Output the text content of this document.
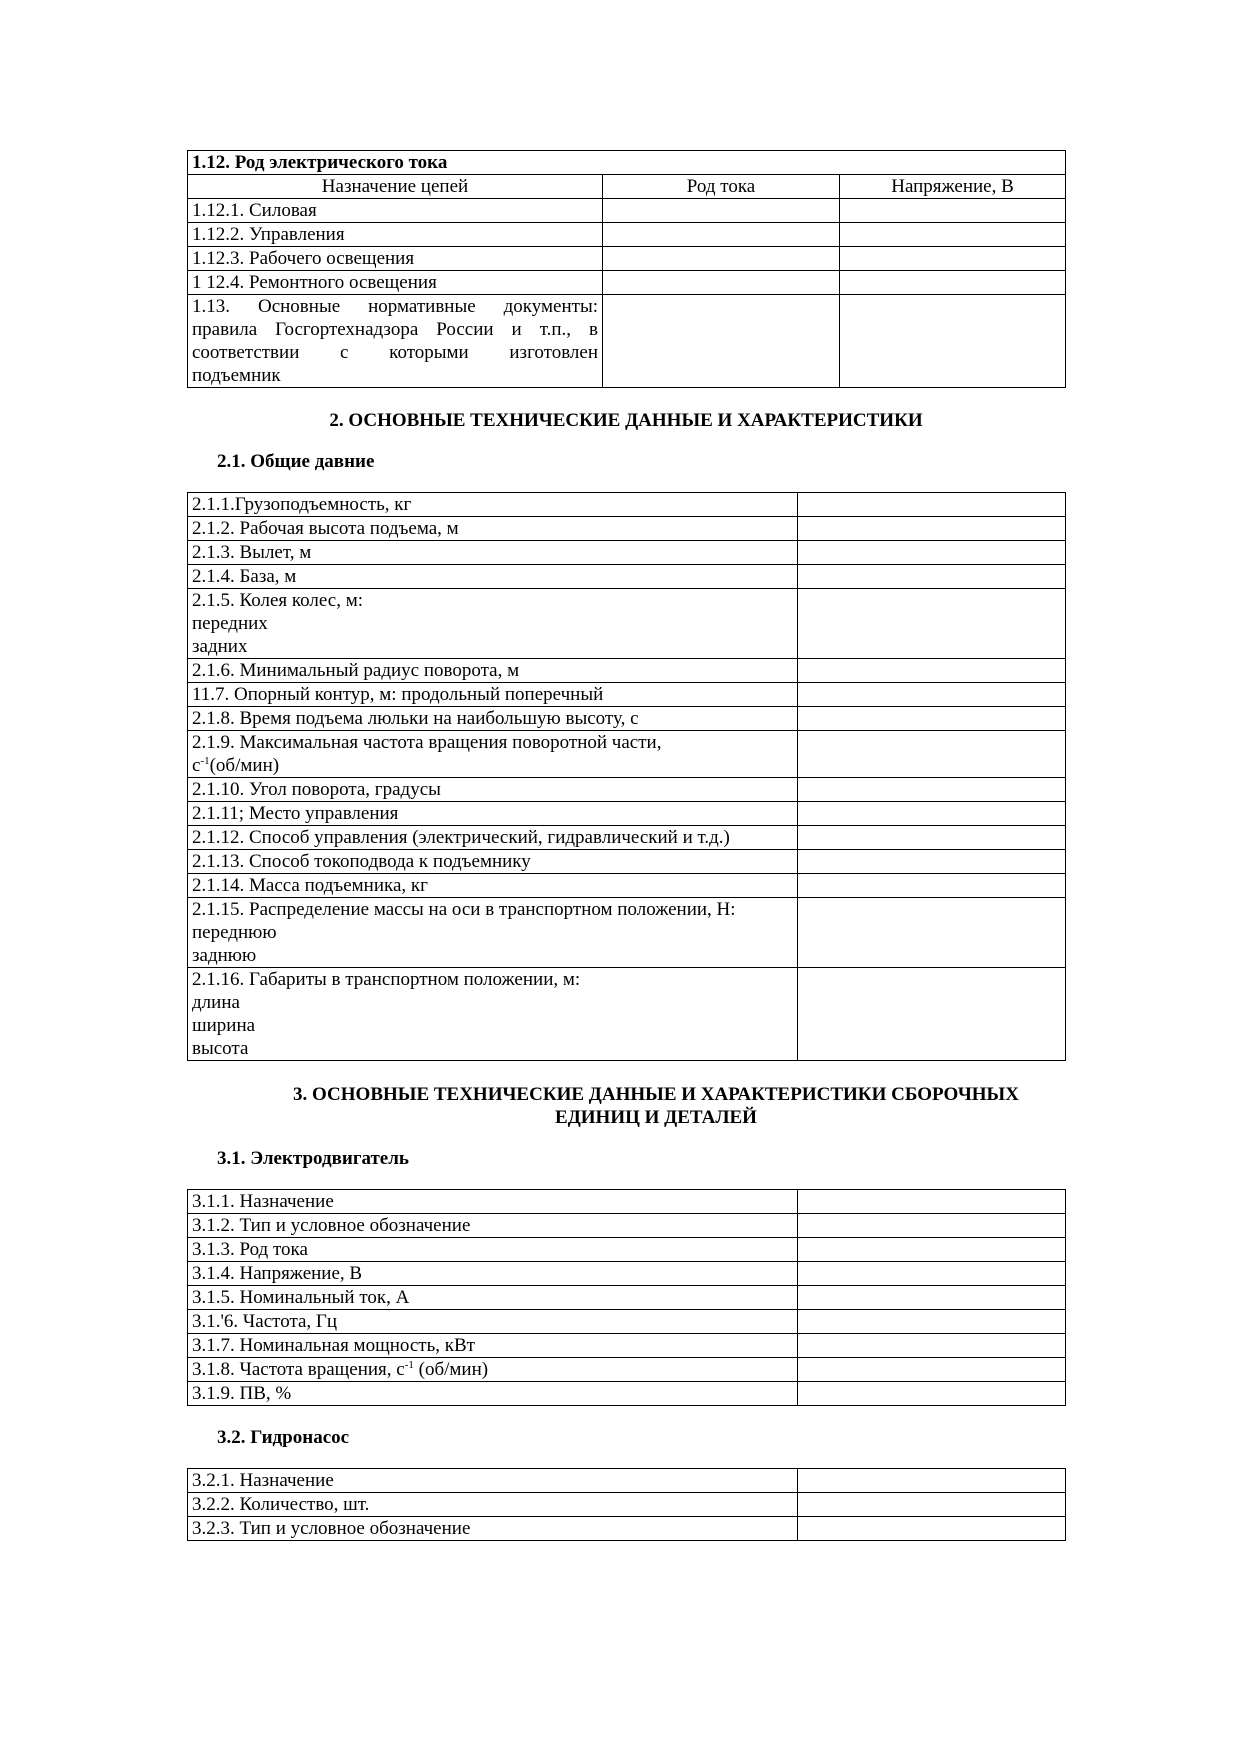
1.12. Род электрического тока		
Назначение цепей	Род тока	Напряжение, В
1.12.1. Силовая		
1.12.2. Управления		
1.12.3. Рабочего освещения		
1 12.4. Ремонтного освещения		

1.13. Основные нормативные документы:
правила Госгортехнадзора России и т.п., в
соответствии с которыми изготовлен
подъемник		

2. ОСНОВНЫЕ ТЕХНИЧЕСКИЕ ДАННЫЕ И ХАРАКТЕРИСТИКИ
2.1. Общие давние
2.1.1.Грузоподъемность, кг	
2.1.2. Рабочая высота подъема, м	
2.1.3. Вылет, м	
2.1.4. База, м	

2.1.5. Колея колес, м:
передних
задних	

2.1.6. Минимальный радиус поворота, м	
11.7. Опорный контур, м: продольный поперечный	
2.1.8. Время подъема люльки на наибольшую высоту, с	

2.1.9. Максимальная частота вращения поворотной части,
$с^{-1}(об/мин)$	

2.1.10. Угол поворота, градусы	
2.1.11; Место управления	
2.1.12. Способ управления (электрический, гидравлический и т.д.)	
2.1.13. Способ токоподвода к подъемнику	
2.1.14. Масса подъемника, кг	

2.1.15. Распределение массы на оси в транспортном положении, Н:
переднюю
заднюю	

2.1.16. Габариты в транспортном положении, м:
длина
ширина
высота	

3. ОСНОВНЫЕ ТЕХНИЧЕСКИЕ ДАННЫЕ И ХАРАКТЕРИСТИКИ СБОРОЧНЫХ
ЕДИНИЦ И ДЕТАЛЕЙ
3.1. Электродвигатель
3.1.1. Назначение	
3.1.2. Тип и условное обозначение	
3.1.3. Род тока	
3.1.4. Напряжение, В	
3.1.5. Номинальный ток, А	
3.1.'6. Частота, Гц	
3.1.7. Номинальная мощность, кВт	
3.1.8. Частота вращения, $с^{-1}$ (об/мин)	
3.1.9. ПВ, %	
3.2. Гидронасос
3.2.1. Назначение	
3.2.2. Количество, шт.	
3.2.3. Тип и условное обозначение	
